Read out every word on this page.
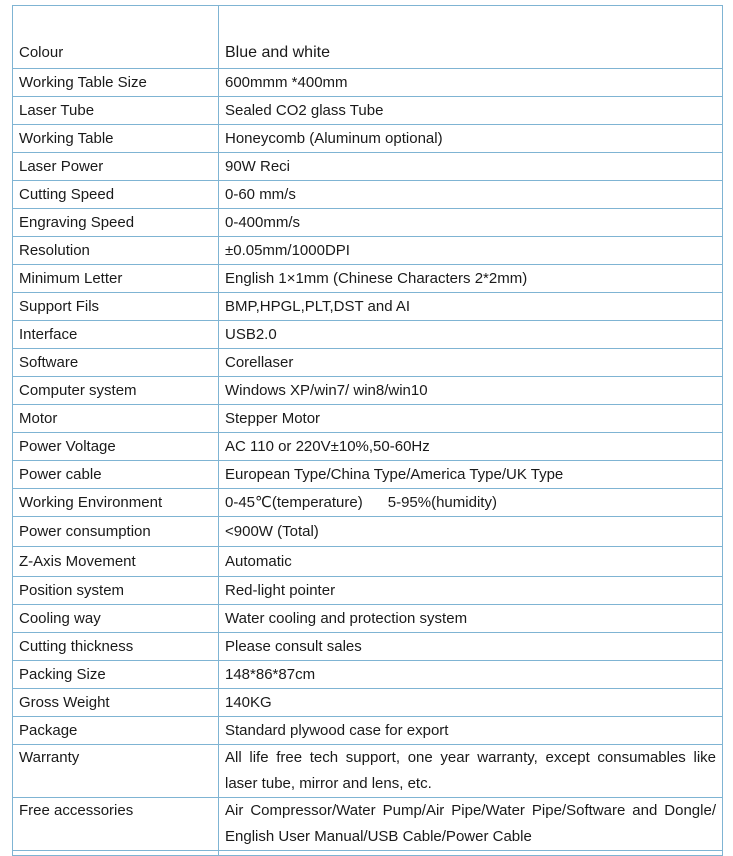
Colour	Blue and white
Working Table Size	600mmm *400mm
Laser Tube	Sealed CO2 glass Tube
Working Table	Honeycomb (Aluminum optional)
Laser Power	90W Reci
Cutting Speed	0-60 mm/s
Engraving Speed	0-400mm/s
Resolution	±0.05mm/1000DPI
Minimum Letter	English 1×1mm (Chinese Characters 2*2mm)
Support Fils	BMP,HPGL,PLT,DST and AI
Interface	USB2.0
Software	Corellaser
Computer system	Windows XP/win7/ win8/win10
Motor	Stepper Motor
Power Voltage	AC 110 or 220V±10%,50-60Hz
Power cable	European Type/China Type/America Type/UK Type
Working Environment	0-45℃(temperature)      5-95%(humidity)
Power consumption	<900W (Total)
Z-Axis Movement	Automatic
Position system	Red-light pointer
Cooling way	Water cooling and protection system
Cutting thickness	Please consult sales
Packing Size	148*86*87cm
Gross Weight	140KG
Package	Standard plywood case for export
Warranty	All life free tech support, one year warranty, except consumables like laser tube, mirror and lens, etc.
Free accessories	Air Compressor/Water Pump/Air Pipe/Water Pipe/Software and Dongle/ English User Manual/USB Cable/Power Cable
